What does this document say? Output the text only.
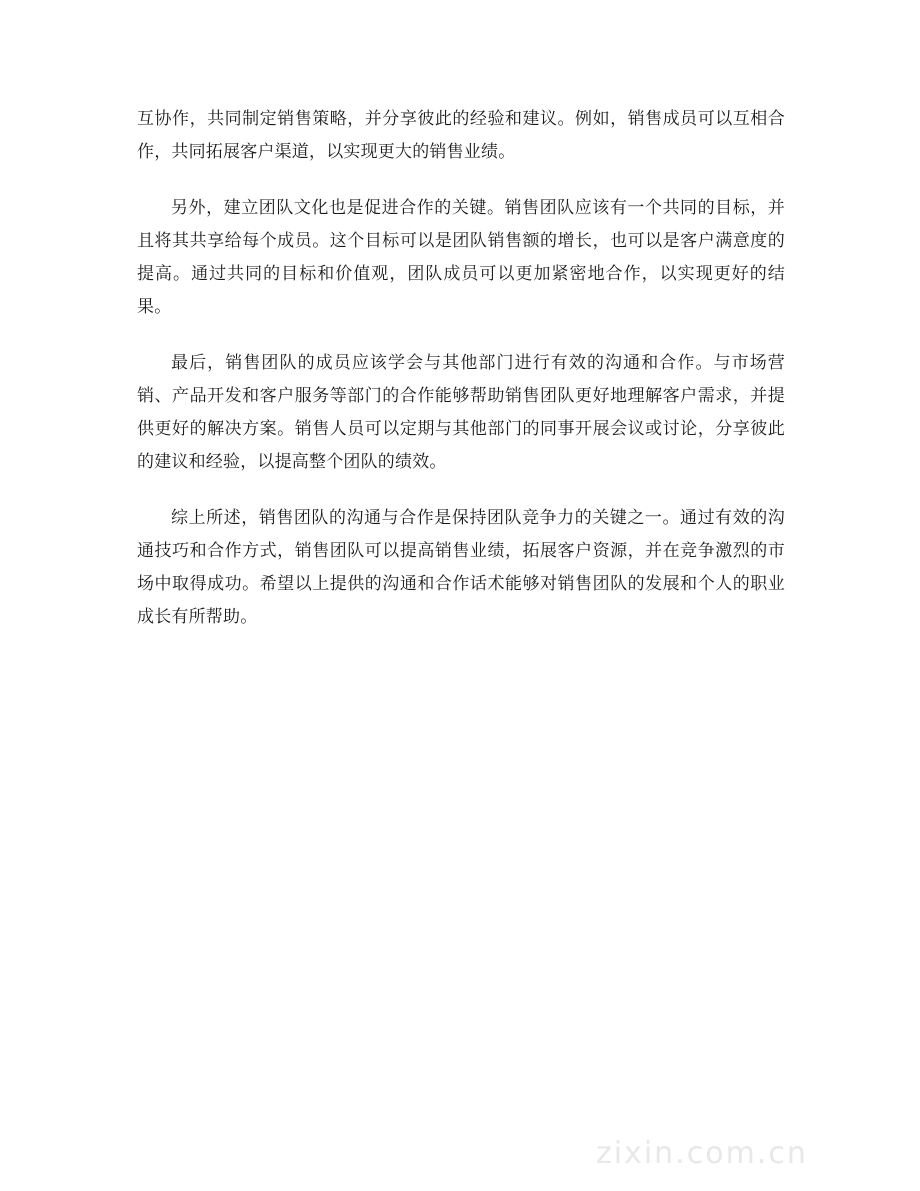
互协作，共同制定销售策略，并分享彼此的经验和建议。例如，销售成员可以互相合作，共同拓展客户渠道，以实现更大的销售业绩。

另外，建立团队文化也是促进合作的关键。销售团队应该有一个共同的目标，并且将其共享给每个成员。这个目标可以是团队销售额的增长，也可以是客户满意度的提高。通过共同的目标和价值观，团队成员可以更加紧密地合作，以实现更好的结果。

最后，销售团队的成员应该学会与其他部门进行有效的沟通和合作。与市场营销、产品开发和客户服务等部门的合作能够帮助销售团队更好地理解客户需求，并提供更好的解决方案。销售人员可以定期与其他部门的同事开展会议或讨论，分享彼此的建议和经验，以提高整个团队的绩效。

综上所述，销售团队的沟通与合作是保持团队竞争力的关键之一。通过有效的沟通技巧和合作方式，销售团队可以提高销售业绩，拓展客户资源，并在竞争激烈的市场中取得成功。希望以上提供的沟通和合作话术能够对销售团队的发展和个人的职业成长有所帮助。

zixin.com.cn
